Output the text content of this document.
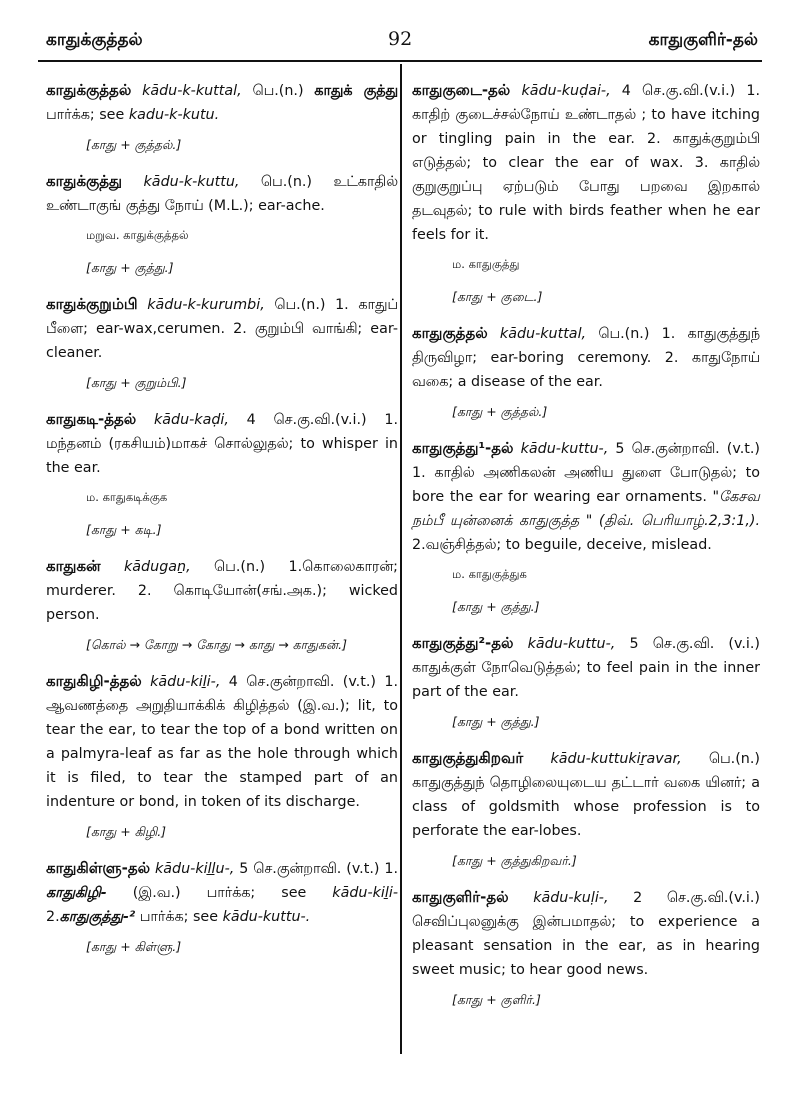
காதுக்குத்தல்	92	காதுகுளிர்-தல்
காதுக்குத்தல் kādu-k-kuttal, பெ.(n.) காதுக் குத்து பார்க்க; see kadu-k-kutu.
[காது + குத்தல்.]
காதுக்குத்து kādu-k-kuttu, பெ.(n.) உட்காதில் உண்டாகுங் குத்து நோய் (M.L.); ear-ache.
மறுவ. காதுக்குத்தல்
[காது + குத்து.]
காதுக்குறும்பி kādu-k-kurumbi, பெ.(n.) 1. காதுப் பீளை; ear-wax,cerumen. 2. குறும்பி வாங்கி; ear-cleaner.
[காது + குறும்பி.]
காதுகடி-த்தல் kādu-kaḍi, 4 செ.கு.வி.(v.i.) 1. மந்தனம் (ரகசியம்)மாகச் சொல்லுதல்; to whisper in the ear.
ம. காதுகடிக்குக
[காது + கடி.]
காதுகன் kādugaṉ, பெ.(n.) 1.கொலைகாரன்; murderer. 2. கொடியோன்(சங்.அக.); wicked person.
[கொல் → கோறு → கோது → காது → காதுகன்.]
காதுகிழி-த்தல் kādu-kiḻi-, 4 செ.குன்றாவி. (v.t.) 1. ஆவணத்தை அறுதியாக்கிக் கிழித்தல் (இ.வ.); lit, to tear the ear, to tear the top of a bond written on a palmyra-leaf as far as the hole through which it is filed, to tear the stamped part of an indenture or bond, in token of its discharge.
[காது + கிழி.]
காதுகிள்ளு-தல் kādu-kiḻḻu-, 5 செ.குன்றாவி. (v.t.) 1. காதுகிழி- (இ.வ.) பார்க்க; see kādu-kiḻi- 2.காதுகுத்து-² பார்க்க; see kādu-kuttu-.
[காது + கிள்ளு.]
காதுகுடை-தல் kādu-kuḍai-, 4 செ.கு.வி.(v.i.) 1. காதிற் குடைச்சல்நோய் உண்டாதல் ; to have itching or tingling pain in the ear. 2. காதுக்குறும்பி எடுத்தல்; to clear the ear of wax. 3. காதில் குறுகுறுப்பு ஏற்படும் போது பறவை இறகால் தடவுதல்; to rule with birds feather when he ear feels for it.
ம. காதுகுத்து
[காது + குடை.]
காதுகுத்தல் kādu-kuttal, பெ.(n.) 1. காதுகுத்துந் திருவிழா; ear-boring ceremony. 2. காதுநோய் வகை; a disease of the ear.
[காது + குத்தல்.]
காதுகுத்து¹-தல் kādu-kuttu-, 5 செ.குன்றாவி. (v.t.) 1. காதில் அணிகலன் அணிய துளை போடுதல்; to bore the ear for wearing ear ornaments. "கேசவ நம்பீ யுன்னைக் காதுகுத்த " (திவ். பெரியாழ்.2,3:1,). 2.வஞ்சித்தல்; to beguile, deceive, mislead.
ம. காதுகுத்துக
[காது + குத்து.]
காதுகுத்து²-தல் kādu-kuttu-, 5 செ.கு.வி. (v.i.) காதுக்குள் நோவெடுத்தல்; to feel pain in the inner part of the ear.
[காது + குத்து.]
காதுகுத்துகிறவர் kādu-kuttukiṟavar, பெ.(n.) காதுகுத்துந் தொழிலையுடைய தட்டார் வகை யினர்; a class of goldsmith whose profession is to perforate the ear-lobes.
[காது + குத்துகிறவர்.]
காதுகுளிர்-தல் kādu-kuḷi-, 2 செ.கு.வி.(v.i.) செவிப்புலனுக்கு இன்பமாதல்; to experience a pleasant sensation in the ear, as in hearing sweet music; to hear good news.
[காது + குளிர்.]
